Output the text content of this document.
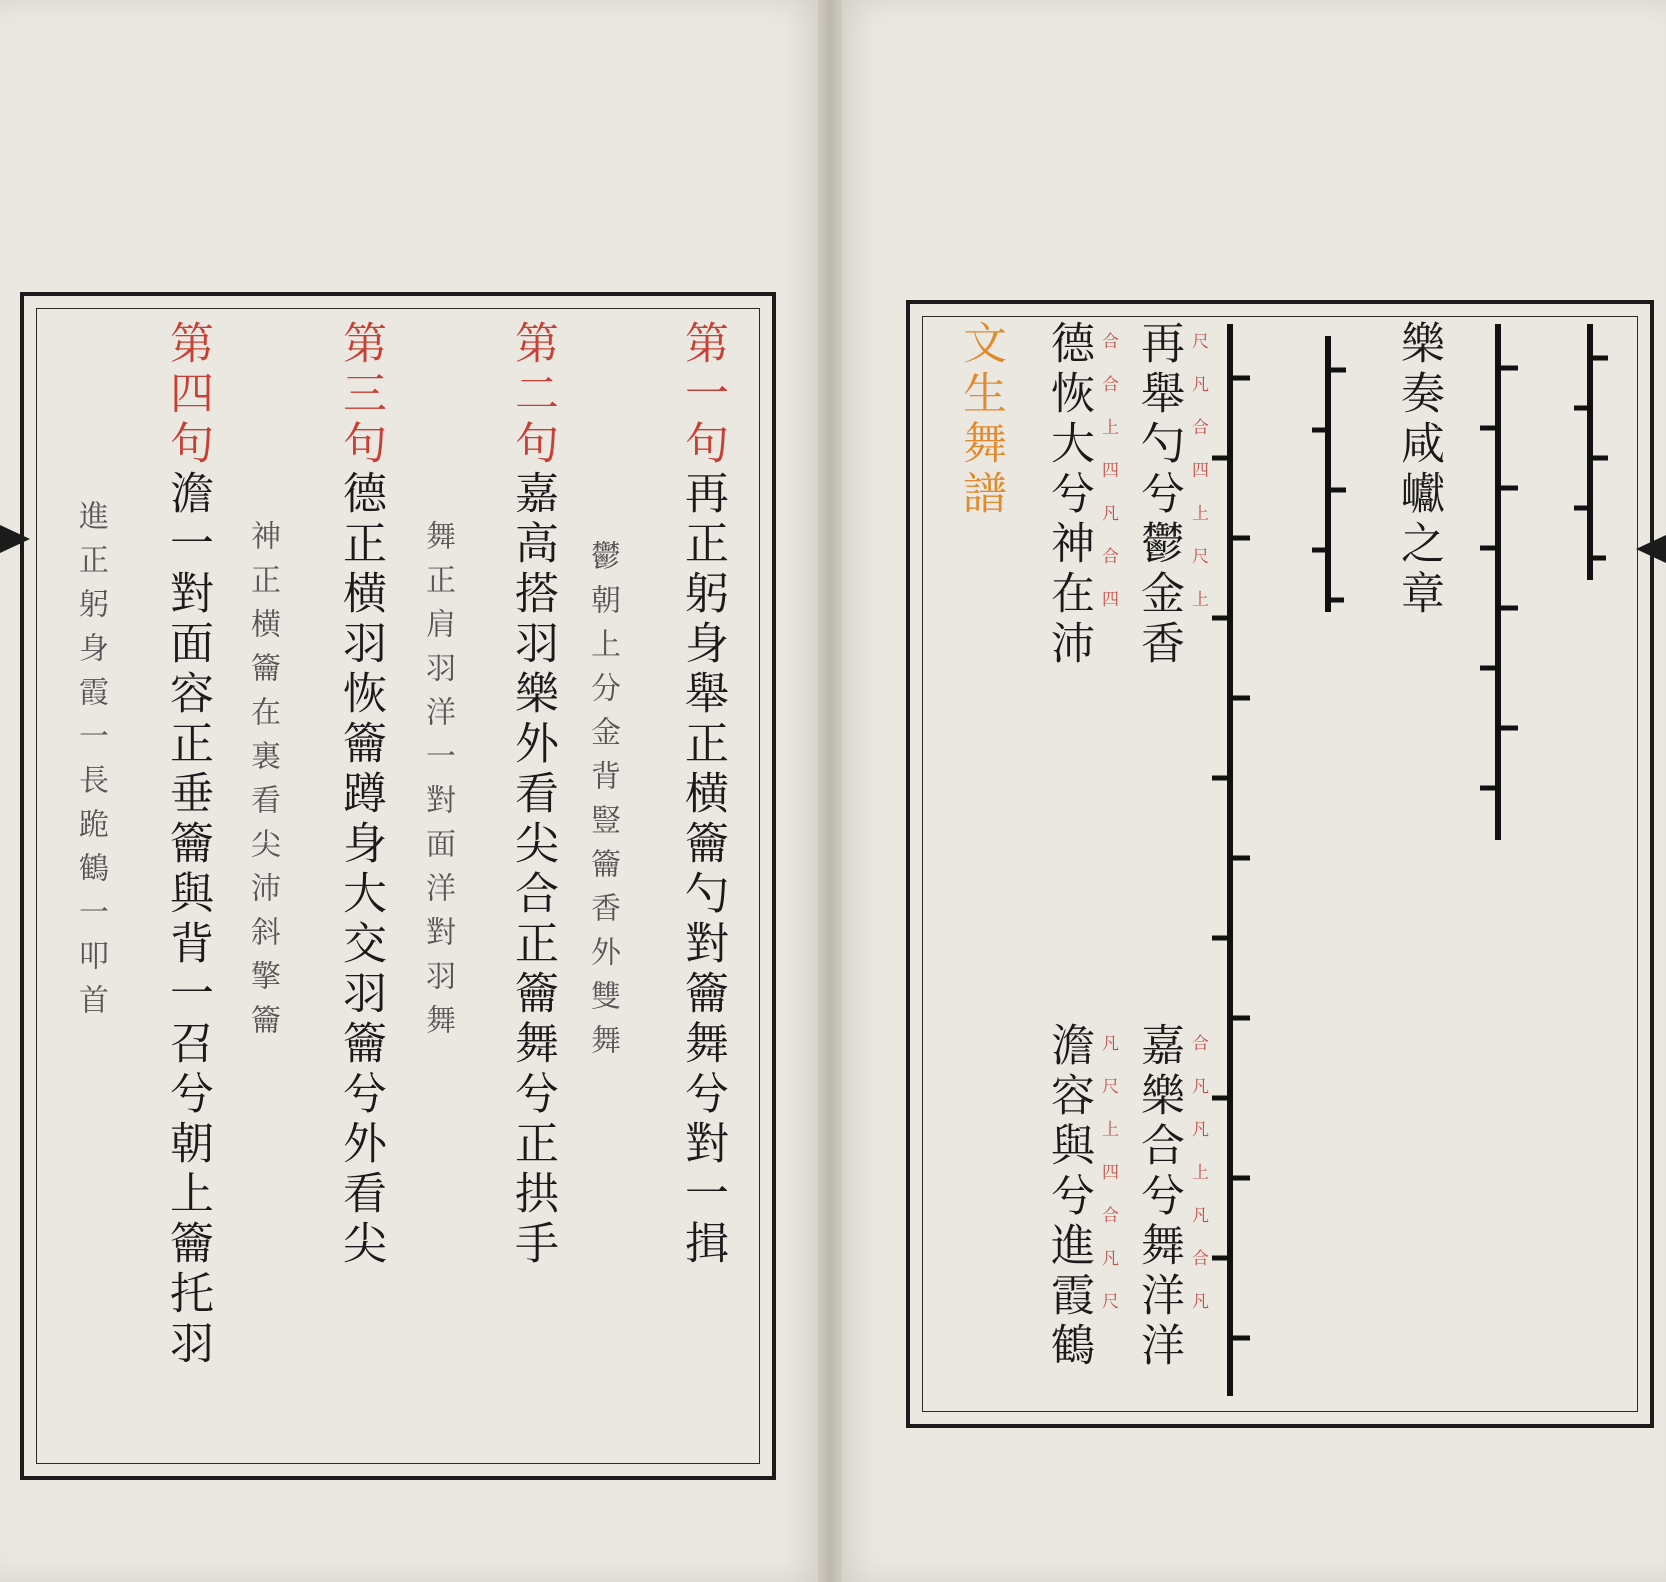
第一句再正躬身舉正横籥勺對籥舞兮對一揖
鬱朝上分金背豎籥香外雙舞
第二句嘉高搭羽樂外看尖合正籥舞兮正拱手
舞正肩羽洋一對面洋對羽舞
第三句德正横羽恢籥蹲身大交羽籥兮外看尖
神正横籥在裏看尖沛斜擎籥
第四句澹一對面容正垂籥與背一召兮朝上籥托羽
進正躬身霞一長跪鶴一叩首
樂奏咸巘之章
尺凡合四上尺上
合合上四凡合四 再舉勺兮鬱金香
德恢大兮神在沛
文生舞譜
合凡凡上凡合凡
凡尺上四合凡尺 嘉樂合兮舞洋洋
澹容與兮進霞鶴
